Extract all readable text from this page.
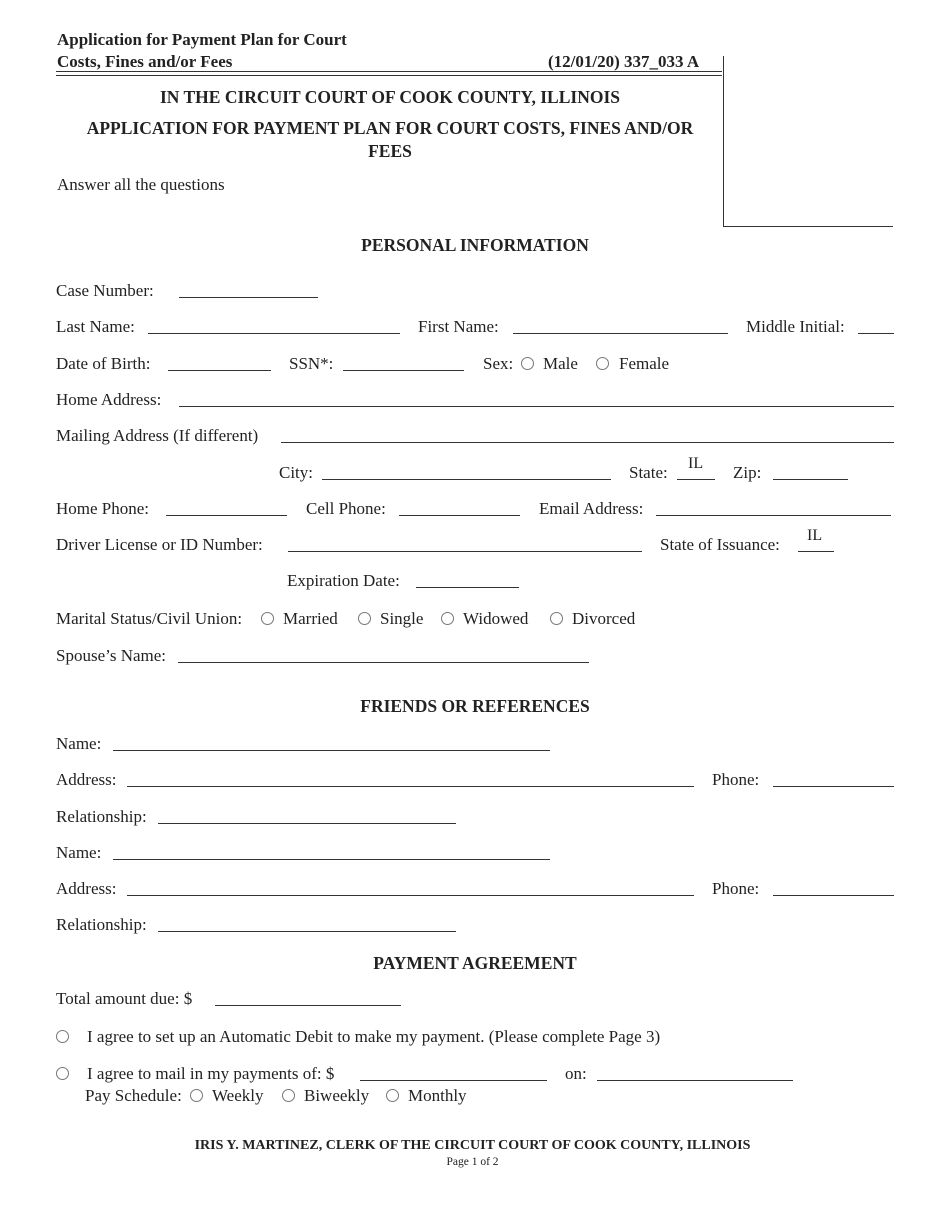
Application for Payment Plan for Court
Costs, Fines and/or Fees	(12/01/20) 337_033 A
IN THE CIRCUIT COURT OF COOK COUNTY, ILLINOIS
APPLICATION FOR PAYMENT PLAN FOR COURT COSTS, FINES AND/OR
FEES
Answer all the questions
PERSONAL INFORMATION
Case Number:
Last Name:	First Name:	Middle Initial:
Date of Birth:	SSN*:	Sex: Male Female
Home Address:
Mailing Address (If different)
City:	State: IL Zip:
Home Phone:	Cell Phone:	Email Address:
Driver License or ID Number:	State of Issuance: IL
Expiration Date:
Marital Status/Civil Union: Married Single Widowed	Divorced
Spouse’s Name:
FRIENDS OR REFERENCES
Name:
Address:	Phone:
Relationship:
Name:
Address:	Phone:
Relationship:
PAYMENT AGREEMENT
Total amount due: $
I agree to set up an Automatic Debit to make my payment. (Please complete Page 3)
I agree to mail in my payments of: $	on:
Pay Schedule: Weekly Biweekly Monthly
IRIS Y. MARTINEZ, CLERK OF THE CIRCUIT COURT OF COOK COUNTY, ILLINOIS
Page 1 of 2
